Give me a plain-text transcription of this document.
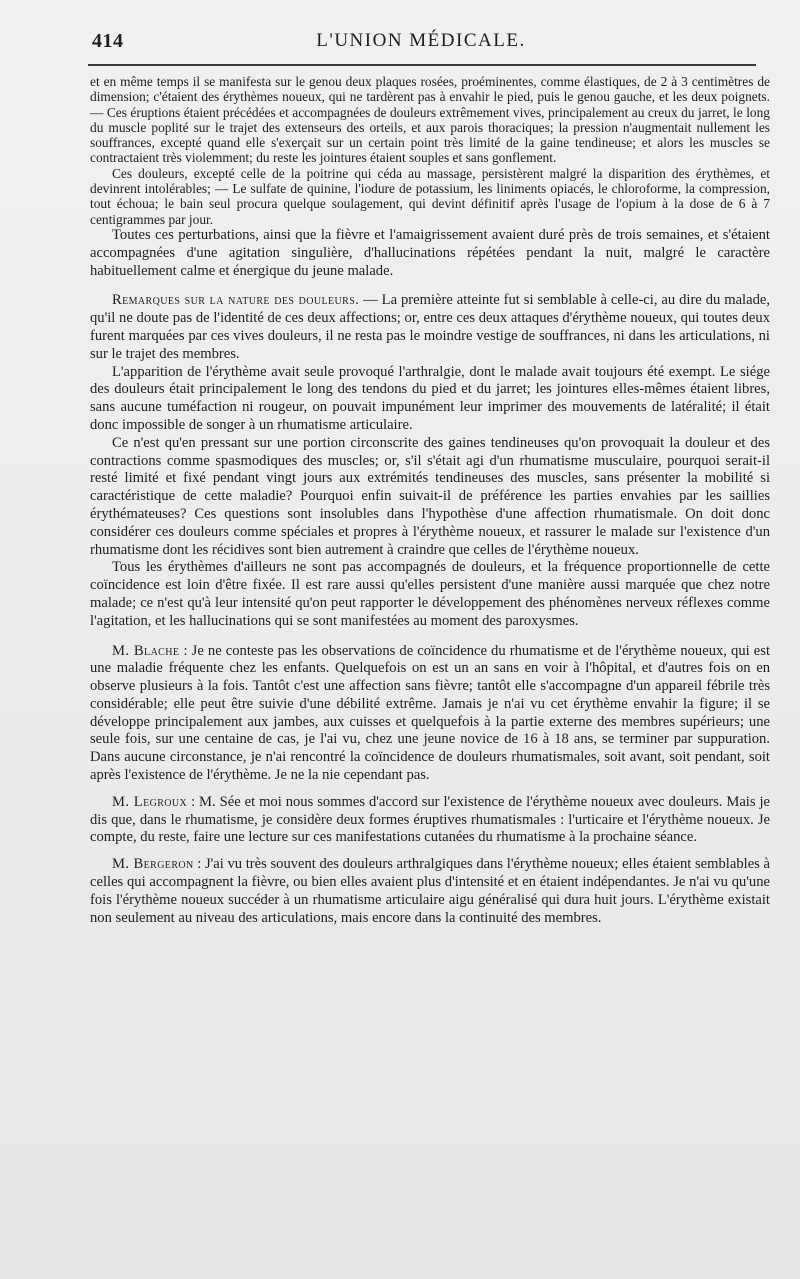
414	L'UNION MÉDICALE.

et en même temps il se manifesta sur le genou deux plaques rosées, proéminentes, comme élastiques, de 2 à 3 centimètres de dimension; c'étaient des érythèmes noueux, qui ne tardèrent pas à envahir le pied, puis le genou gauche, et les deux poignets. — Ces éruptions étaient précédées et accompagnées de douleurs extrêmement vives, principalement au creux du jarret, le long du muscle poplité sur le trajet des extenseurs des orteils, et aux parois thoraciques; la pression n'augmentait nullement les souffrances, excepté quand elle s'exerçait sur un certain point très limité de la gaine tendineuse; et alors les muscles se contractaient très violemment; du reste les jointures étaient souples et sans gonflement.

Ces douleurs, excepté celle de la poitrine qui céda au massage, persistèrent malgré la disparition des érythèmes, et devinrent intolérables; — Le sulfate de quinine, l'iodure de potassium, les liniments opiacés, le chloroforme, la compression, tout échoua; le bain seul procura quelque soulagement, qui devint définitif après l'usage de l'opium à la dose de 6 à 7 centigrammes par jour.

Toutes ces perturbations, ainsi que la fièvre et l'amaigrissement avaient duré près de trois semaines, et s'étaient accompagnées d'une agitation singulière, d'hallucinations répétées pendant la nuit, malgré le caractère habituellement calme et énergique du jeune malade.

Remarques sur la nature des douleurs. — La première atteinte fut si semblable à celle-ci, au dire du malade, qu'il ne doute pas de l'identité de ces deux affections; or, entre ces deux attaques d'érythème noueux, qui toutes deux furent marquées par ces vives douleurs, il ne resta pas le moindre vestige de souffrances, ni dans les articulations, ni sur le trajet des membres.

L'apparition de l'érythème avait seule provoqué l'arthralgie, dont le malade avait toujours été exempt. Le siége des douleurs était principalement le long des tendons du pied et du jarret; les jointures elles-mêmes étaient libres, sans aucune tuméfaction ni rougeur, on pouvait impunément leur imprimer des mouvements de latéralité; il était donc impossible de songer à un rhumatisme articulaire.

Ce n'est qu'en pressant sur une portion circonscrite des gaines tendineuses qu'on provoquait la douleur et des contractions comme spasmodiques des muscles; or, s'il s'était agi d'un rhumatisme musculaire, pourquoi serait-il resté limité et fixé pendant vingt jours aux extrémités tendineuses des muscles, sans présenter la mobilité si caractéristique de cette maladie? Pourquoi enfin suivait-il de préférence les parties envahies par les saillies érythémateuses? Ces questions sont insolubles dans l'hypothèse d'une affection rhumatismale. On doit donc considérer ces douleurs comme spéciales et propres à l'érythème noueux, et rassurer le malade sur l'existence d'un rhumatisme dont les récidives sont bien autrement à craindre que celles de l'érythème noueux.

Tous les érythèmes d'ailleurs ne sont pas accompagnés de douleurs, et la fréquence proportionnelle de cette coïncidence est loin d'être fixée. Il est rare aussi qu'elles persistent d'une manière aussi marquée que chez notre malade; ce n'est qu'à leur intensité qu'on peut rapporter le développement des phénomènes nerveux réflexes comme l'agitation, et les hallucinations qui se sont manifestées au moment des paroxysmes.

M. Blache : Je ne conteste pas les observations de coïncidence du rhumatisme et de l'érythème noueux, qui est une maladie fréquente chez les enfants. Quelquefois on est un an sans en voir à l'hôpital, et d'autres fois on en observe plusieurs à la fois. Tantôt c'est une affection sans fièvre; tantôt elle s'accompagne d'un appareil fébrile très considérable; elle peut être suivie d'une débilité extrême. Jamais je n'ai vu cet érythème envahir la figure; il se développe principalement aux jambes, aux cuisses et quelquefois à la partie externe des membres supérieurs; une seule fois, sur une centaine de cas, je l'ai vu, chez une jeune novice de 16 à 18 ans, se terminer par suppuration. Dans aucune circonstance, je n'ai rencontré la coïncidence de douleurs rhumatismales, soit avant, soit pendant, soit après l'existence de l'érythème. Je ne la nie cependant pas.

M. Legroux : M. Sée et moi nous sommes d'accord sur l'existence de l'érythème noueux avec douleurs. Mais je dis que, dans le rhumatisme, je considère deux formes éruptives rhumatismales : l'urticaire et l'érythème noueux. Je compte, du reste, faire une lecture sur ces manifestations cutanées du rhumatisme à la prochaine séance.

M. Bergeron : J'ai vu très souvent des douleurs arthralgiques dans l'érythème noueux; elles étaient semblables à celles qui accompagnent la fièvre, ou bien elles avaient plus d'intensité et en étaient indépendantes. Je n'ai vu qu'une fois l'érythème noueux succéder à un rhumatisme articulaire aigu généralisé qui dura huit jours. L'érythème existait non seulement au niveau des articulations, mais encore dans la continuité des membres.
